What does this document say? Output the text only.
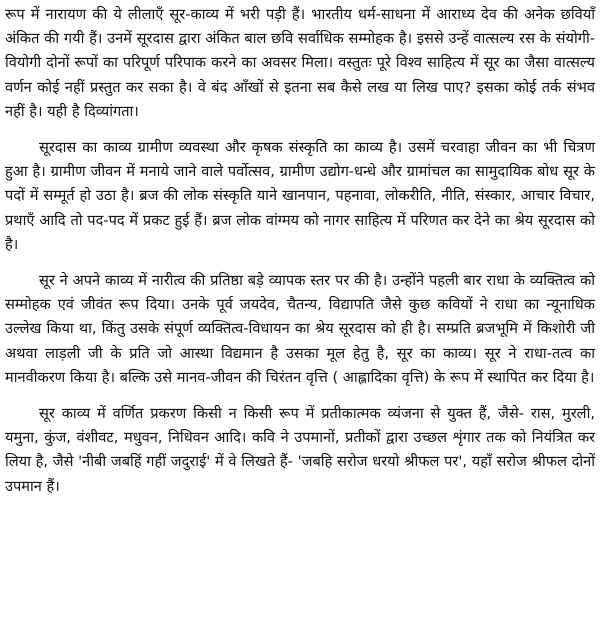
रूप में नारायण की ये लीलाएँ सूर-काव्य में भरी पड़ी हैं। भारतीय धर्म-साधना में आराध्य देव की अनेक छवियाँ अंकित की गयी हैं। उनमें सूरदास द्वारा अंकित बाल छवि सर्वाधिक सम्मोहक है। इससे उन्हें वात्सल्य रस के संयोगी-वियोगी दोनों रूपों का परिपूर्ण परिपाक करने का अवसर मिला। वस्तुतः पूरे विश्व साहित्य में सूर का जैसा वात्सल्य वर्णन कोई नहीं प्रस्तुत कर सका है। वे बंद आँखों से इतना सब कैसे लख या लिख पाए? इसका कोई तर्क संभव नहीं है। यही है दिव्यांगता।

सूरदास का काव्य ग्रामीण व्यवस्था और कृषक संस्कृति का काव्य है। उसमें चरवाहा जीवन का भी चित्रण हुआ है। ग्रामीण जीवन में मनाये जाने वाले पर्वोत्सव, ग्रामीण उद्योग-धन्धे और ग्रामांचल का सामुदायिक बोध सूर के पदों में सम्मूर्त हो उठा है। ब्रज की लोक संस्कृति याने खानपान, पहनावा, लोकरीति, नीति, संस्कार, आचार विचार, प्रथाएँ आदि तो पद-पद में प्रकट हुई हैं। ब्रज लोक वांग्मय को नागर साहित्य में परिणत कर देने का श्रेय सूरदास को है।

सूर ने अपने काव्य में नारीत्व की प्रतिष्ठा बड़े व्यापक स्तर पर की है। उन्होंने पहली बार राधा के व्यक्तित्व को सम्मोहक एवं जीवंत रूप दिया। उनके पूर्व जयदेव, चैतन्य, विद्यापति जैसे कुछ कवियों ने राधा का न्यूनाधिक उल्लेख किया था, किंतु उसके संपूर्ण व्यक्तित्व-विधायन का श्रेय सूरदास को ही है। सम्प्रति ब्रजभूमि में किशोरी जी अथवा लाड़ली जी के प्रति जो आस्था विद्यमान है उसका मूल हेतु है, सूर का काव्य। सूर ने राधा-तत्व का मानवीकरण किया है। बल्कि उसे मानव-जीवन की चिरंतन वृत्ति ( आह्लादिका वृत्ति) के रूप में स्थापित कर दिया है।

सूर काव्य में वर्णित प्रकरण किसी न किसी रूप में प्रतीकात्मक व्यंजना से युक्त हैं, जैसे- रास, मुरली, यमुना, कुंज, वंशीवट, मधुवन, निधिवन आदि। कवि ने उपमानों, प्रतीकों द्वारा उच्छल शृंगार तक को नियंत्रित कर लिया है, जैसे 'नीबी जबहिं गहीं जदुराई' में वे लिखते हैं- 'जबहि सरोज धरयो श्रीफल पर', यहाँ सरोज श्रीफल दोनों उपमान हैं।
